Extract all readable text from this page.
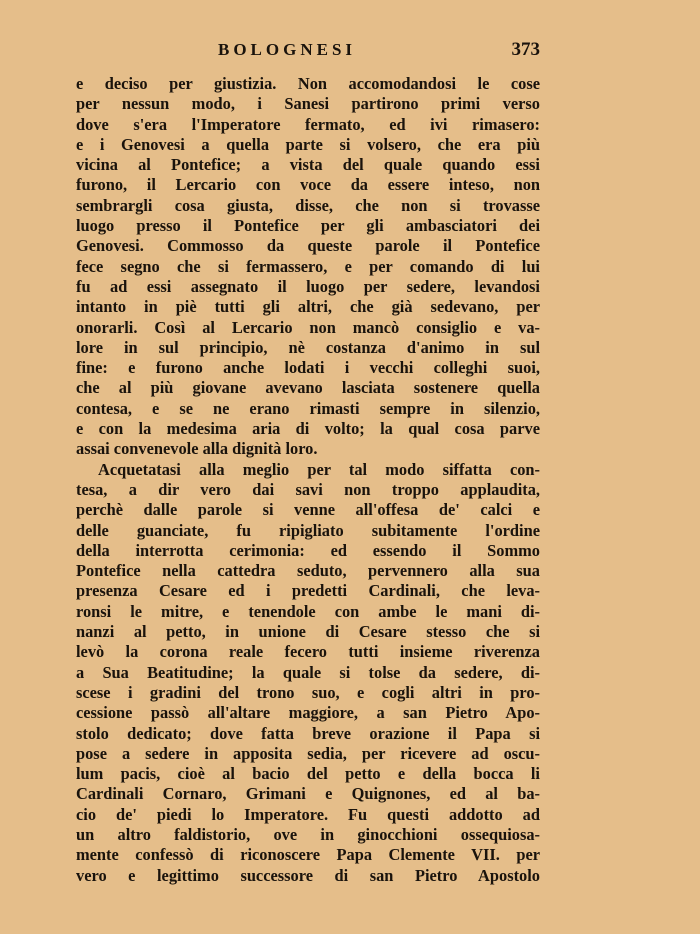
BOLOGNESI	373
e deciso per giustizia. Non accomodandosi le cose
per nessun modo, i Sanesi partirono primi verso
dove s'era l'Imperatore fermato, ed ivi rimasero:
e i Genovesi a quella parte si volsero, che era più
vicina al Pontefice; a vista del quale quando essi
furono, il Lercario con voce da essere inteso, non
sembrargli cosa giusta, disse, che non si trovasse
luogo presso il Pontefice per gli ambasciatori dei
Genovesi. Commosso da queste parole il Pontefice
fece segno che si fermassero, e per comando di lui
fu ad essi assegnato il luogo per sedere, levandosi
intanto in piè tutti gli altri, che già sedevano, per
onorarli. Così al Lercario non mancò consiglio e va-
lore in sul principio, nè costanza d'animo in sul
fine: e furono anche lodati i vecchi colleghi suoi,
che al più giovane avevano lasciata sostenere quella
contesa, e se ne erano rimasti sempre in silenzio,
e con la medesima aria di volto; la qual cosa parve
assai convenevole alla dignità loro.
Acquetatasi alla meglio per tal modo siffatta con-
tesa, a dir vero dai savi non troppo applaudita,
perchè dalle parole si venne all'offesa de' calci e
delle guanciate, fu ripigliato subitamente l'ordine
della interrotta cerimonia: ed essendo il Sommo
Pontefice nella cattedra seduto, pervennero alla sua
presenza Cesare ed i predetti Cardinali, che leva-
ronsi le mitre, e tenendole con ambe le mani di-
nanzi al petto, in unione di Cesare stesso che si
levò la corona reale fecero tutti insieme riverenza
a Sua Beatitudine; la quale si tolse da sedere, di-
scese i gradini del trono suo, e cogli altri in pro-
cessione passò all'altare maggiore, a san Pietro Apo-
stolo dedicato; dove fatta breve orazione il Papa si
pose a sedere in apposita sedia, per ricevere ad oscu-
lum pacis, cioè al bacio del petto e della bocca li
Cardinali Cornaro, Grimani e Quignones, ed al ba-
cio de' piedi lo Imperatore. Fu questi addotto ad
un altro faldistorio, ove in ginocchioni ossequiosa-
mente confessò di riconoscere Papa Clemente VII. per
vero e legittimo successore di san Pietro Apostolo
